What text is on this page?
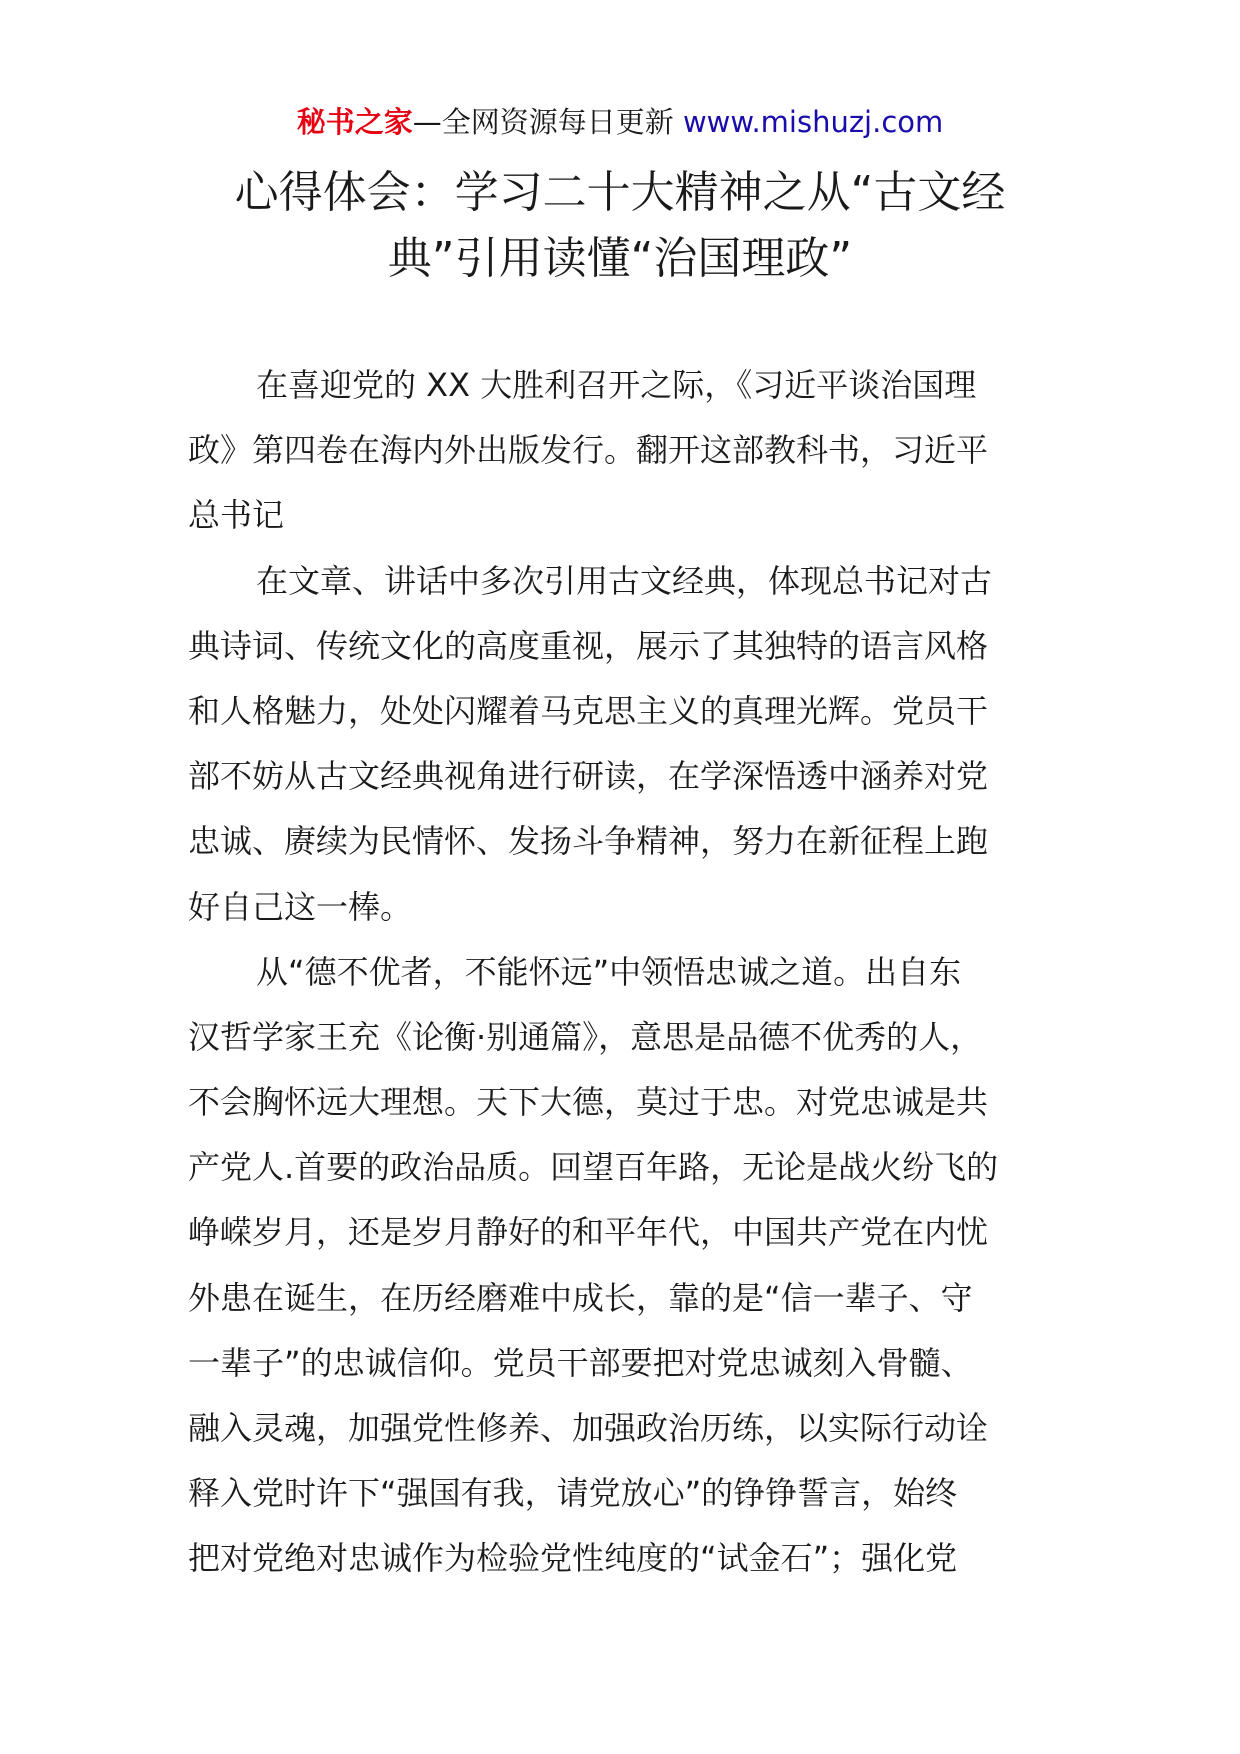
秘书之家—全网资源每日更新 www.mishuzj.com
心得体会：学习二十大精神之从“古文经
典”引用读懂“治国理政”
在喜迎党的 XX 大胜利召开之际，《习近平谈治国理
政》第四卷在海内外出版发行。翻开这部教科书，习近平
总书记
在文章、讲话中多次引用古文经典，体现总书记对古
典诗词、传统文化的高度重视，展示了其独特的语言风格
和人格魅力，处处闪耀着马克思主义的真理光辉。党员干
部不妨从古文经典视角进行研读，在学深悟透中涵养对党
忠诚、赓续为民情怀、发扬斗争精神，努力在新征程上跑
好自己这一棒。
从“德不优者，不能怀远”中领悟忠诚之道。出自东
汉哲学家王充《论衡·别通篇》，意思是品德不优秀的人，
不会胸怀远大理想。天下大德，莫过于忠。对党忠诚是共
产党人.首要的政治品质。回望百年路，无论是战火纷飞的
峥嵘岁月，还是岁月静好的和平年代，中国共产党在内忧
外患在诞生，在历经磨难中成长，靠的是“信一辈子、守
一辈子”的忠诚信仰。党员干部要把对党忠诚刻入骨髓、
融入灵魂，加强党性修养、加强政治历练，以实际行动诠
释入党时许下“强国有我，请党放心”的铮铮誓言，始终
把对党绝对忠诚作为检验党性纯度的“试金石”；强化党
